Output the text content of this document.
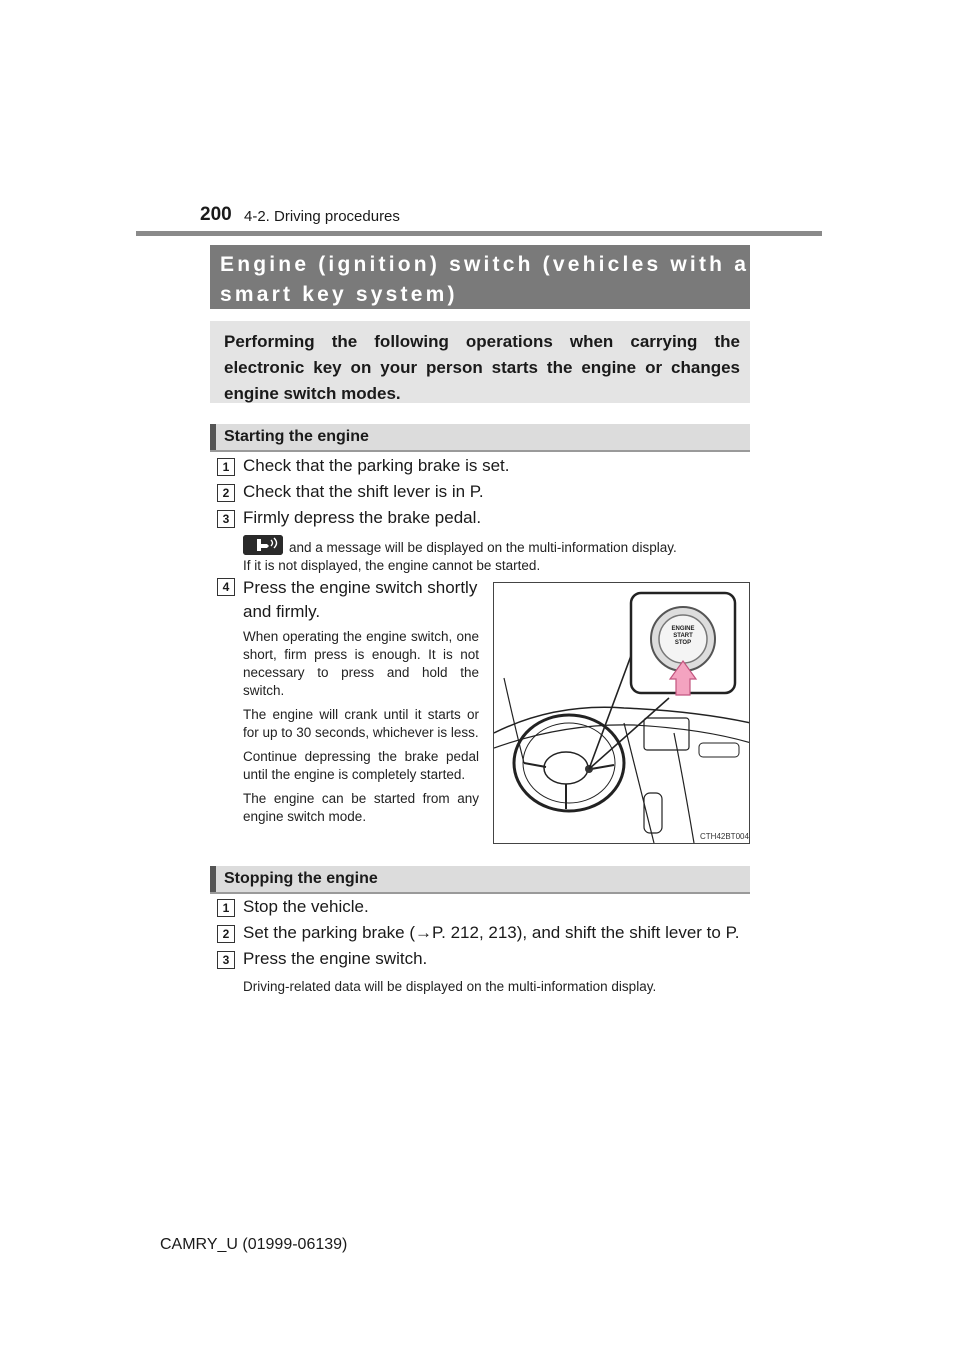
200 4-2. Driving procedures
Engine (ignition) switch (vehicles with a smart key system)
Performing the following operations when carrying the electronic key on your person starts the engine or changes engine switch modes.
Starting the engine
1 Check that the parking brake is set.
2 Check that the shift lever is in P.
3 Firmly depress the brake pedal.
and a message will be displayed on the multi-information display.
If it is not displayed, the engine cannot be started.
4 Press the engine switch shortly and firmly.

When operating the engine switch, one short, firm press is enough. It is not necessary to press and hold the switch.

The engine will crank until it starts or for up to 30 seconds, whichever is less.

Continue depressing the brake pedal until the engine is completely started.

The engine can be started from any engine switch mode.

ENGINE
START
STOP
CTH42BT004
Stopping the engine
1 Stop the vehicle.
2 Set the parking brake (→P. 212, 213), and shift the shift lever to P.
3 Press the engine switch.
Driving-related data will be displayed on the multi-information display.
CAMRY_U (01999-06139)
